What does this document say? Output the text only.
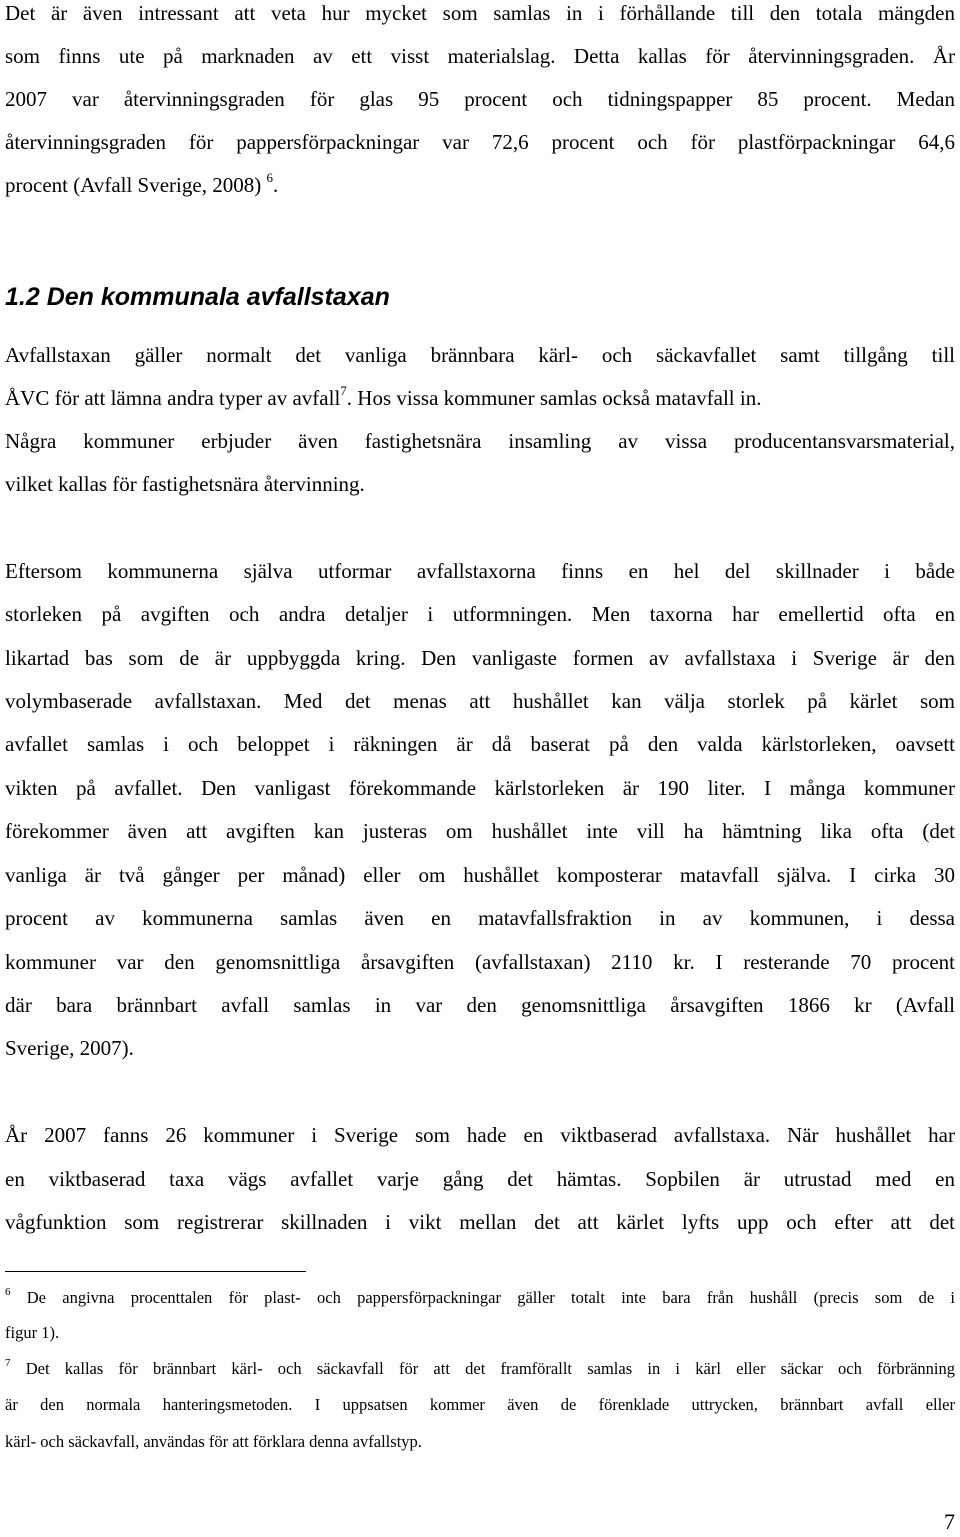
Det är även intressant att veta hur mycket som samlas in i förhållande till den totala mängden
som finns ute på marknaden av ett visst materialslag. Detta kallas för återvinningsgraden. År
2007 var återvinningsgraden för glas 95 procent och tidningspapper 85 procent. Medan
återvinningsgraden för pappersförpackningar var 72,6 procent och för plastförpackningar 64,6
procent (Avfall Sverige, 2008) $^6$.
1.2 Den kommunala avfallstaxan
Avfallstaxan gäller normalt det vanliga brännbara kärl- och säckavfallet samt tillgång till
ÅVC för att lämna andra typer av avfall$^7$. Hos vissa kommuner samlas också matavfall in.
Några kommuner erbjuder även fastighetsnära insamling av vissa producentansvarsmaterial,
vilket kallas för fastighetsnära återvinning.
Eftersom kommunerna själva utformar avfallstaxorna finns en hel del skillnader i både
storleken på avgiften och andra detaljer i utformningen. Men taxorna har emellertid ofta en
likartad bas som de är uppbyggda kring. Den vanligaste formen av avfallstaxa i Sverige är den
volymbaserade avfallstaxan. Med det menas att hushållet kan välja storlek på kärlet som
avfallet samlas i och beloppet i räkningen är då baserat på den valda kärlstorleken, oavsett
vikten på avfallet. Den vanligast förekommande kärlstorleken är 190 liter. I många kommuner
förekommer även att avgiften kan justeras om hushållet inte vill ha hämtning lika ofta (det
vanliga är två gånger per månad) eller om hushållet komposterar matavfall själva. I cirka 30
procent av kommunerna samlas även en matavfallsfraktion in av kommunen, i dessa
kommuner var den genomsnittliga årsavgiften (avfallstaxan) 2110 kr. I resterande 70 procent
där bara brännbart avfall samlas in var den genomsnittliga årsavgiften 1866 kr (Avfall
Sverige, 2007).
År 2007 fanns 26 kommuner i Sverige som hade en viktbaserad avfallstaxa. När hushållet har
en viktbaserad taxa vägs avfallet varje gång det hämtas. Sopbilen är utrustad med en
vågfunktion som registrerar skillnaden i vikt mellan det att kärlet lyfts upp och efter att det
$^6$ De angivna procenttalen för plast- och pappersförpackningar gäller totalt inte bara från hushåll (precis som de i
figur 1).
$^7$ Det kallas för brännbart kärl- och säckavfall för att det framförallt samlas in i kärl eller säckar och förbränning
är den normala hanteringsmetoden. I uppsatsen kommer även de förenklade uttrycken, brännbart avfall eller
kärl- och säckavfall, användas för att förklara denna avfallstyp.
7
